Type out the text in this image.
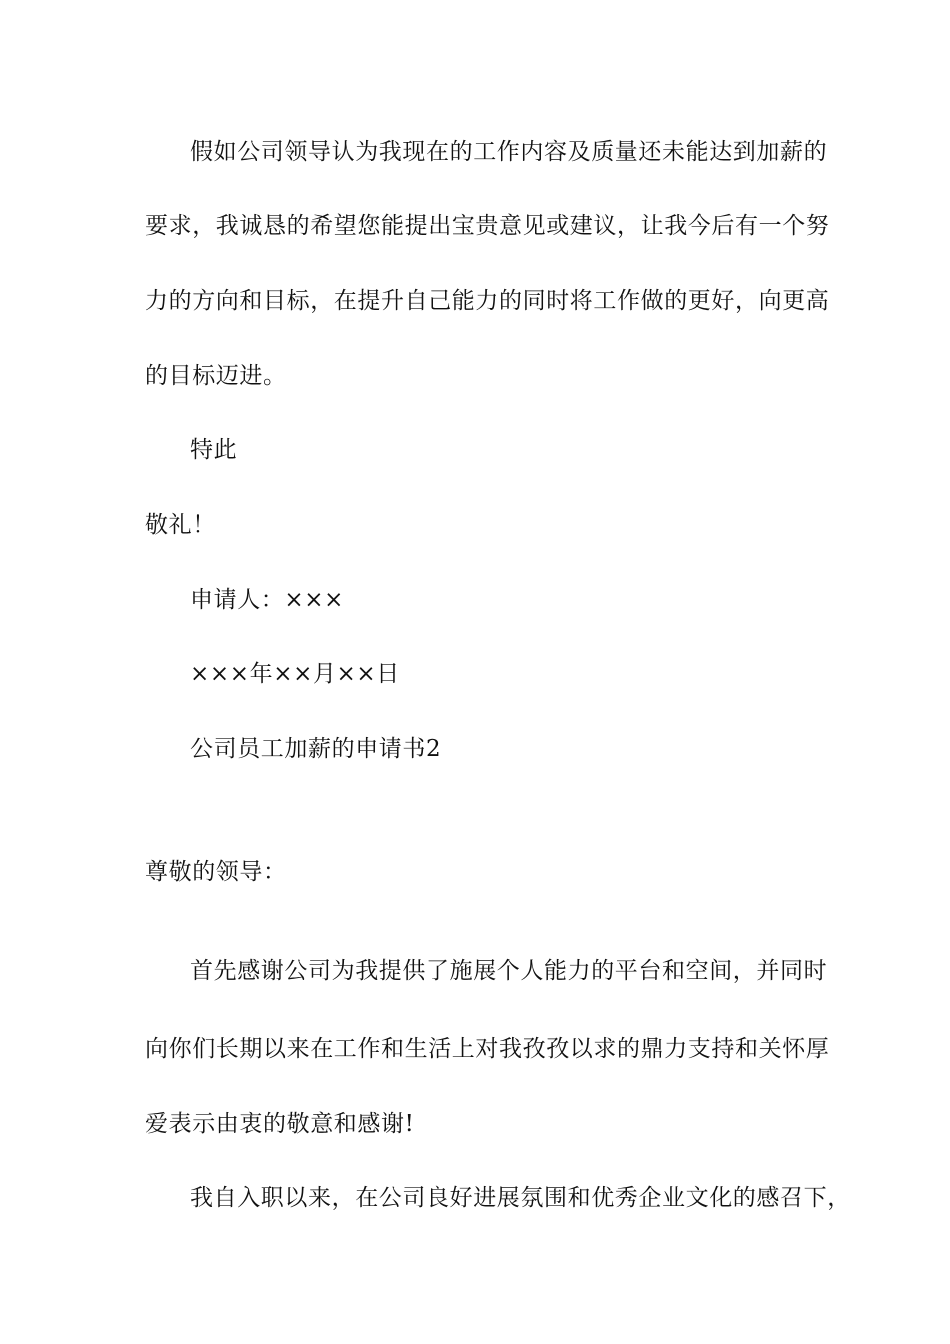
假如公司领导认为我现在的工作内容及质量还未能达到加薪的
要求，我诚恳的希望您能提出宝贵意见或建议，让我今后有一个努
力的方向和目标，在提升自己能力的同时将工作做的更好，向更高
的目标迈进。
特此
敬礼！
申请人：×××
×××年××月××日
公司员工加薪的申请书2
尊敬的领导：
首先感谢公司为我提供了施展个人能力的平台和空间，并同时
向你们长期以来在工作和生活上对我孜孜以求的鼎力支持和关怀厚
爱表示由衷的敬意和感谢!
我自入职以来，在公司良好进展氛围和优秀企业文化的感召下，
